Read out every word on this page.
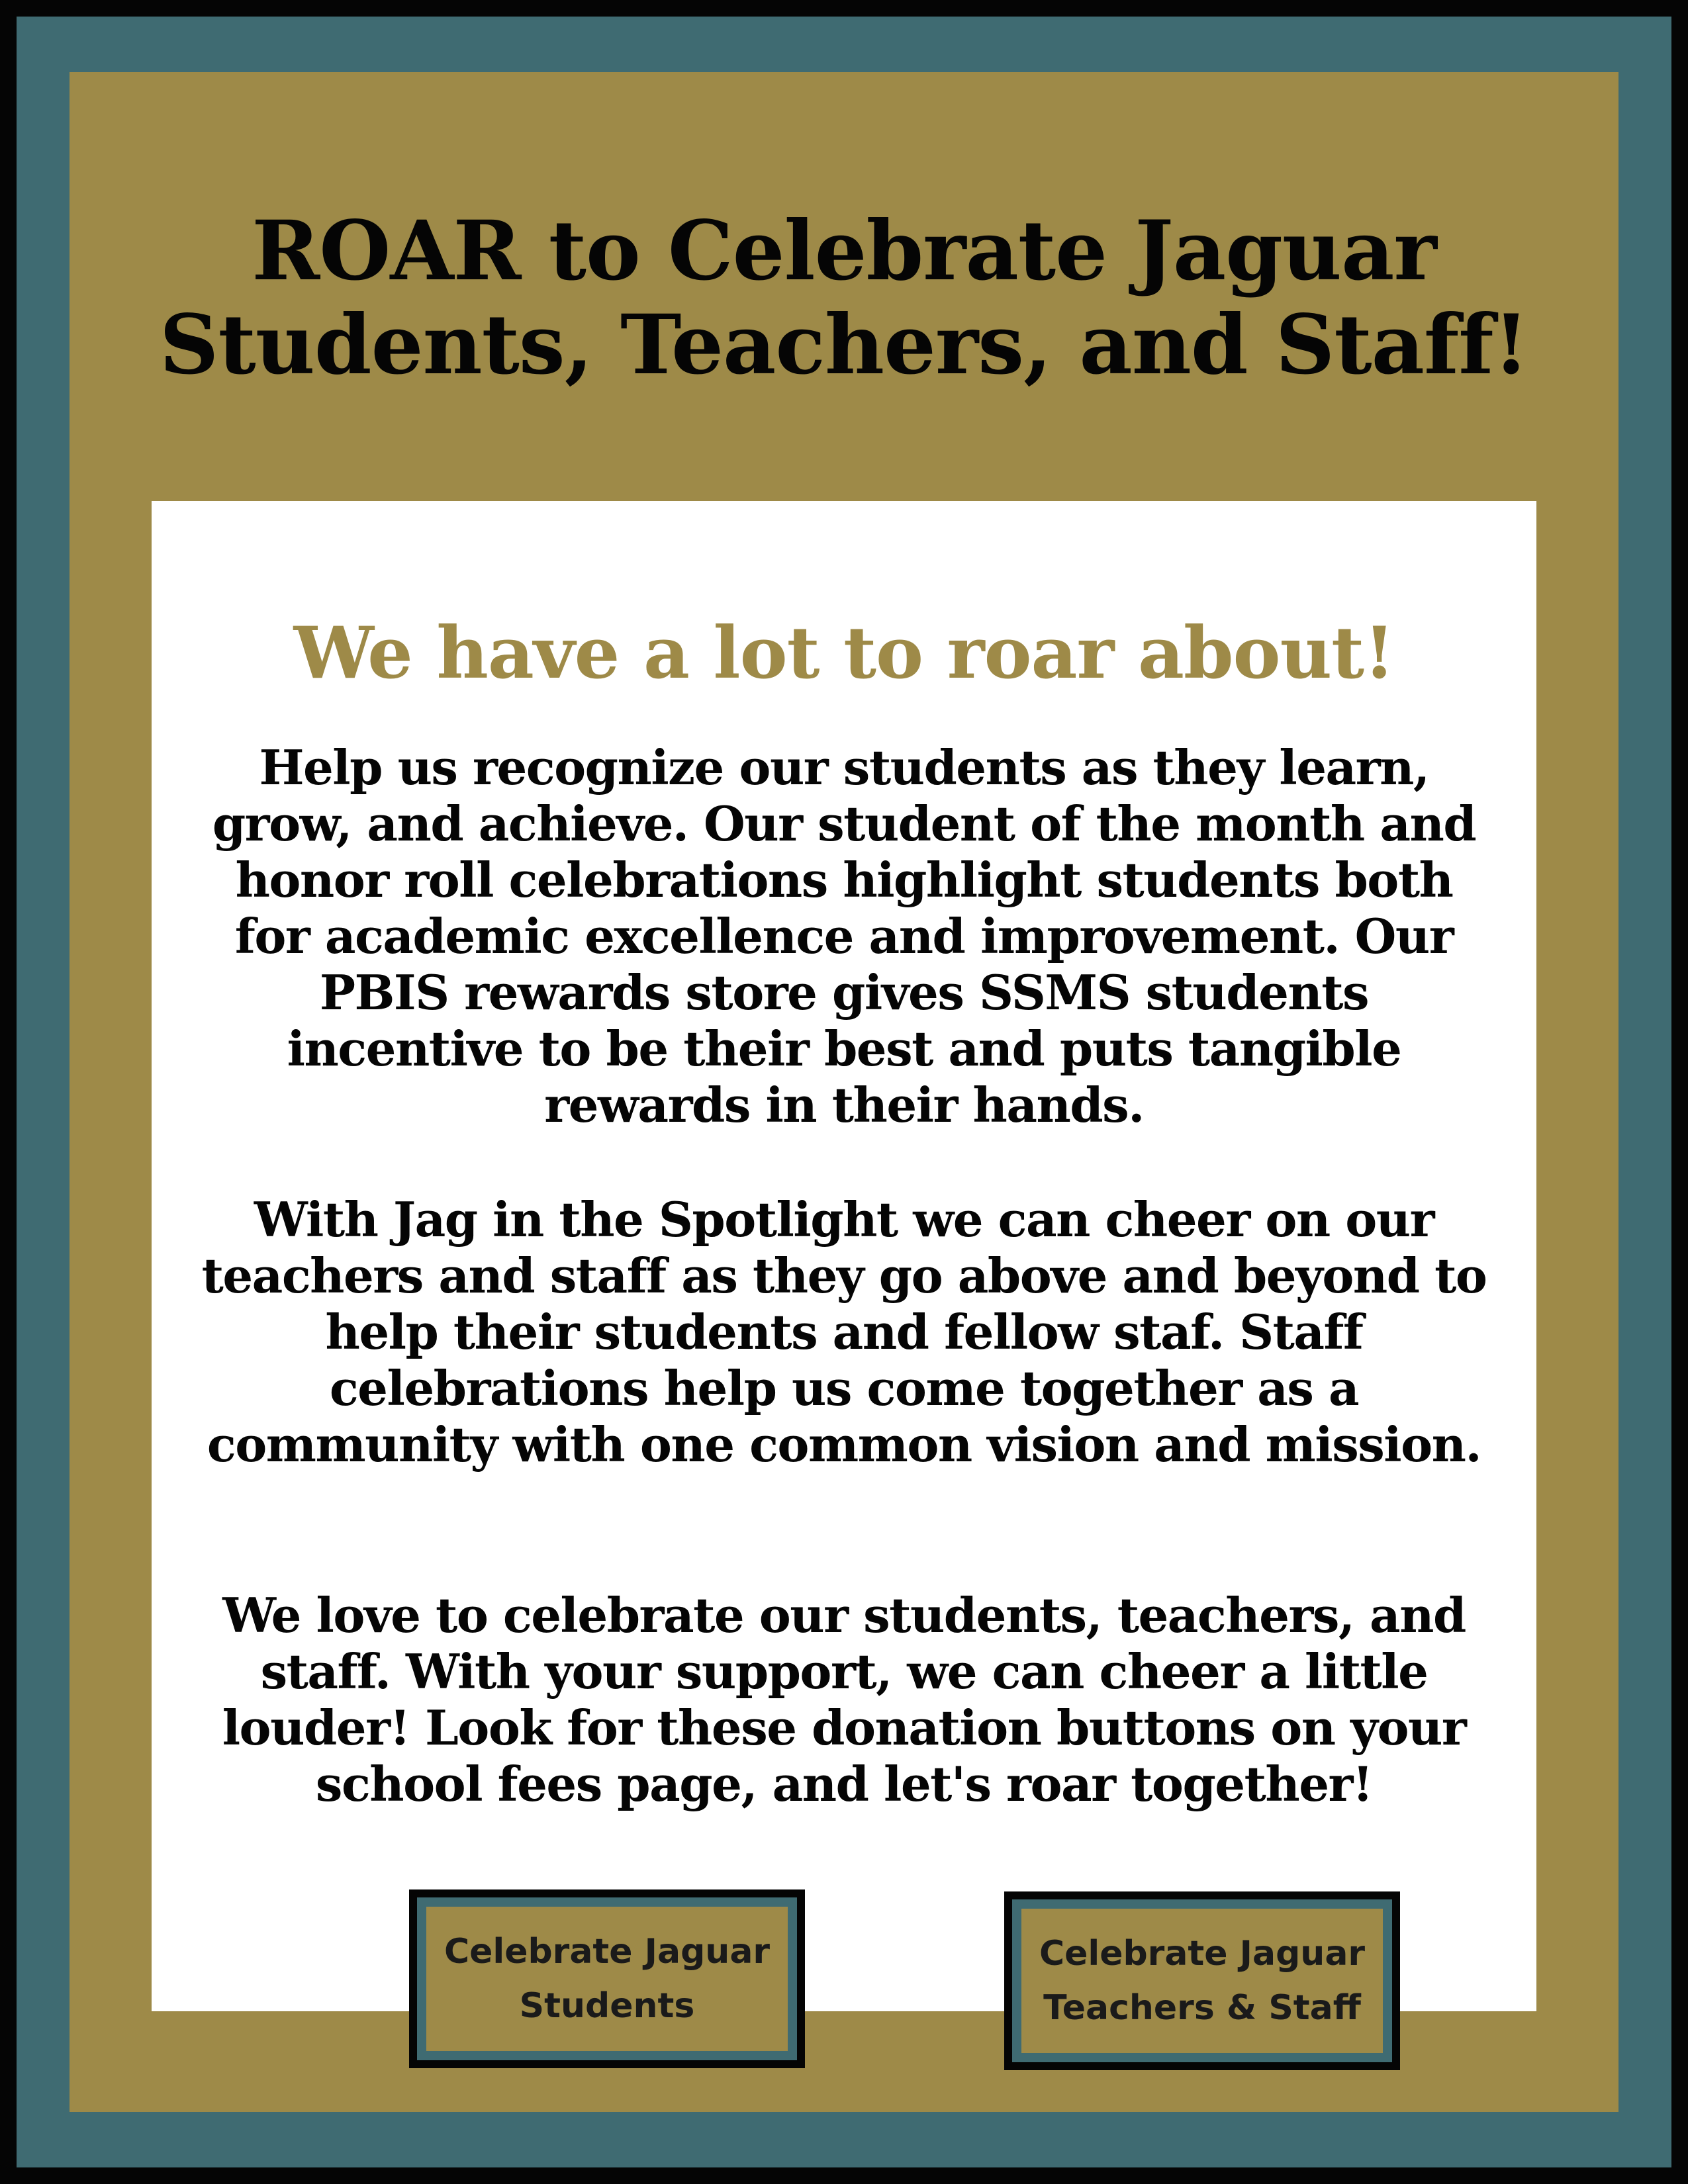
ROAR to Celebrate Jaguar
Students, Teachers, and Staff!
We have a lot to roar about!

Help us recognize our students as they learn, grow, and achieve. Our student of the month and honor roll celebrations highlight students both for academic excellence and improvement. Our PBIS rewards store gives SSMS students incentive to be their best and puts tangible rewards in their hands.

With Jag in the Spotlight we can cheer on our teachers and staff as they go above and beyond to help their students and fellow staf. Staff celebrations help us come together as a community with one common vision and mission.

We love to celebrate our students, teachers, and staff. With your support, we can cheer a little louder! Look for these donation buttons on your school fees page, and let's roar together!

Celebrate Jaguar
Students
Celebrate Jaguar
Teachers & Staff
